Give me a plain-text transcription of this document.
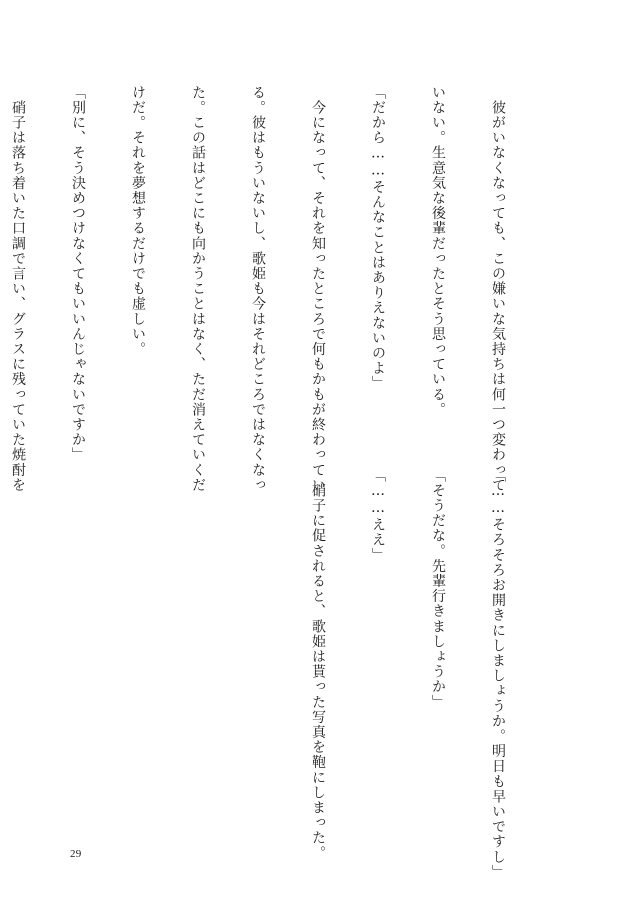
　彼がいなくなっても、この嫌いな気持ちは何一つ変わって

いない。生意気な後輩だったとそう思っている。

「だから……そんなことはありえないのよ」

　今になって、それを知ったところで何もかもが終わってい

る。彼はもういないし、歌姫も今はそれどころではなくなっ

た。この話はどこにも向かうことはなく、ただ消えていくだ

けだ。それを夢想するだけでも虚しい。

「別に、そう決めつけなくてもいいんじゃないですか」

　硝子は落ち着いた口調で言い、グラスに残っていた焼酎を

「……そろそろお開きにしましょうか。明日も早いですし」

「そうだな。先輩行きましょうか」

「……ええ」

　硝子に促されると、歌姫は貰った写真を鞄にしまった。

29
